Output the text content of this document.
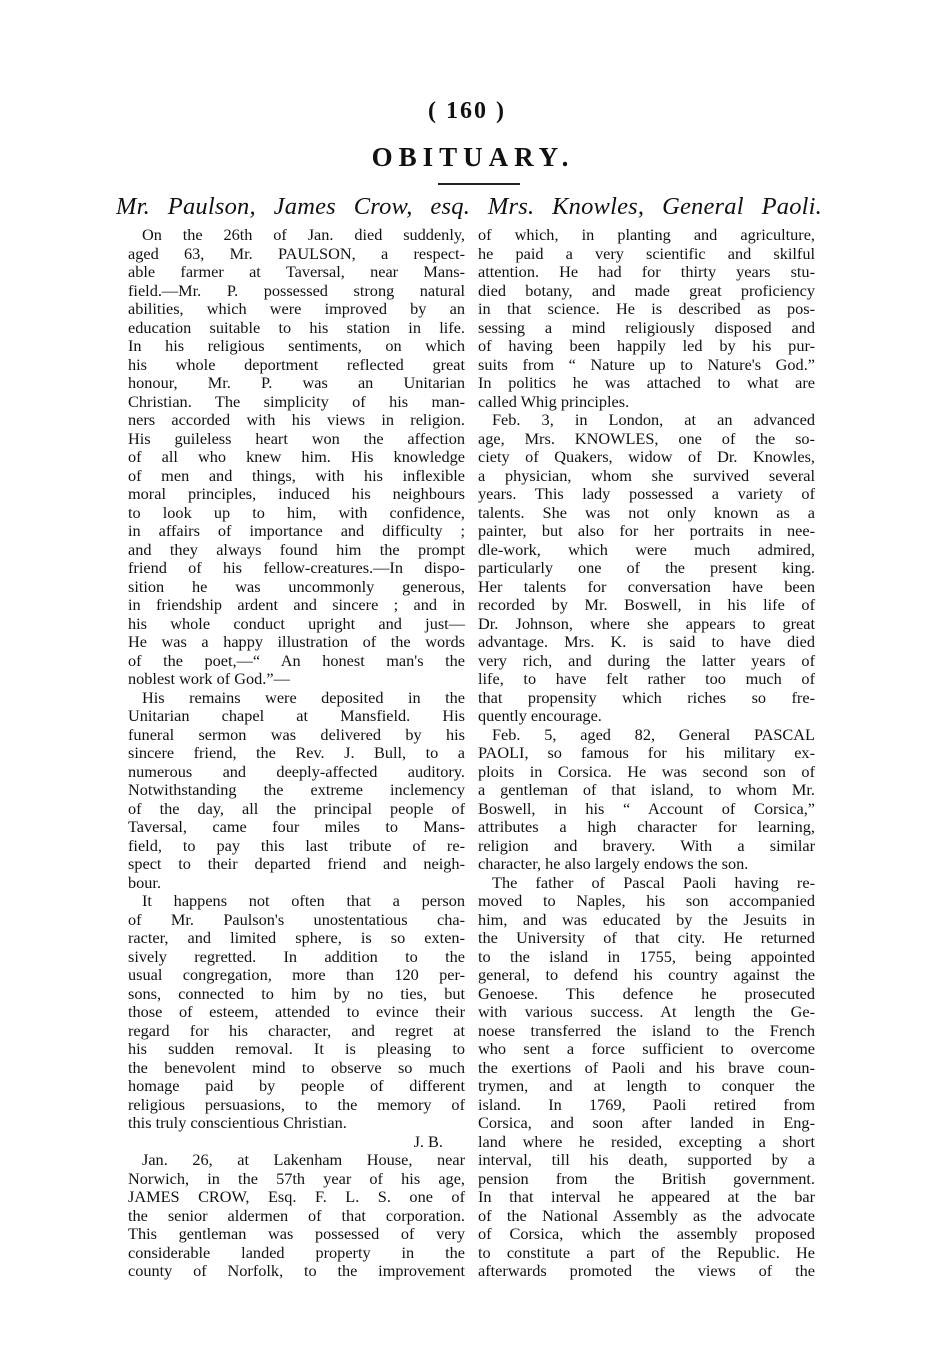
( 160 )
OBITUARY.
Mr. Paulson, James Crow, esq. Mrs. Knowles, General Paoli.
On the 26th of Jan. died suddenly,
aged 63, Mr. PAULSON, a respect-
able farmer at Taversal, near Mans-
field.—Mr. P. possessed strong natural
abilities, which were improved by an
education suitable to his station in life.
In his religious sentiments, on which
his whole deportment reflected great
honour, Mr. P. was an Unitarian
Christian. The simplicity of his man-
ners accorded with his views in religion.
His guileless heart won the affection
of all who knew him. His knowledge
of men and things, with his inflexible
moral principles, induced his neighbours
to look up to him, with confidence,
in affairs of importance and difficulty ;
and they always found him the prompt
friend of his fellow-creatures.—In dispo-
sition he was uncommonly generous,
in friendship ardent and sincere ; and in
his whole conduct upright and just—
He was a happy illustration of the words
of the poet,—“ An honest man's the
noblest work of God.”—
His remains were deposited in the
Unitarian chapel at Mansfield. His
funeral sermon was delivered by his
sincere friend, the Rev. J. Bull, to a
numerous and deeply-affected auditory.
Notwithstanding the extreme inclemency
of the day, all the principal people of
Taversal, came four miles to Mans-
field, to pay this last tribute of re-
spect to their departed friend and neigh-
bour.
It happens not often that a person
of Mr. Paulson's unostentatious cha-
racter, and limited sphere, is so exten-
sively regretted. In addition to the
usual congregation, more than 120 per-
sons, connected to him by no ties, but
those of esteem, attended to evince their
regard for his character, and regret at
his sudden removal. It is pleasing to
the benevolent mind to observe so much
homage paid by people of different
religious persuasions, to the memory of
this truly conscientious Christian.
J. B.
Jan. 26, at Lakenham House, near
Norwich, in the 57th year of his age,
JAMES CROW, Esq. F. L. S. one of
the senior aldermen of that corporation.
This gentleman was possessed of very
considerable landed property in the
county of Norfolk, to the improvement
of which, in planting and agriculture,
he paid a very scientific and skilful
attention. He had for thirty years stu-
died botany, and made great proficiency
in that science. He is described as pos-
sessing a mind religiously disposed and
of having been happily led by his pur-
suits from “ Nature up to Nature's God.”
In politics he was attached to what are
called Whig principles.
Feb. 3, in London, at an advanced
age, Mrs. KNOWLES, one of the so-
ciety of Quakers, widow of Dr. Knowles,
a physician, whom she survived several
years. This lady possessed a variety of
talents. She was not only known as a
painter, but also for her portraits in nee-
dle-work, which were much admired,
particularly one of the present king.
Her talents for conversation have been
recorded by Mr. Boswell, in his life of
Dr. Johnson, where she appears to great
advantage. Mrs. K. is said to have died
very rich, and during the latter years of
life, to have felt rather too much of
that propensity which riches so fre-
quently encourage.
Feb. 5, aged 82, General PASCAL
PAOLI, so famous for his military ex-
ploits in Corsica. He was second son of
a gentleman of that island, to whom Mr.
Boswell, in his “ Account of Corsica,”
attributes a high character for learning,
religion and bravery. With a similar
character, he also largely endows the son.
The father of Pascal Paoli having re-
moved to Naples, his son accompanied
him, and was educated by the Jesuits in
the University of that city. He returned
to the island in 1755, being appointed
general, to defend his country against the
Genoese. This defence he prosecuted
with various success. At length the Ge-
noese transferred the island to the French
who sent a force sufficient to overcome
the exertions of Paoli and his brave coun-
trymen, and at length to conquer the
island. In 1769, Paoli retired from
Corsica, and soon after landed in Eng-
land where he resided, excepting a short
interval, till his death, supported by a
pension from the British government.
In that interval he appeared at the bar
of the National Assembly as the advocate
of Corsica, which the assembly proposed
to constitute a part of the Republic. He
afterwards promoted the views of the
